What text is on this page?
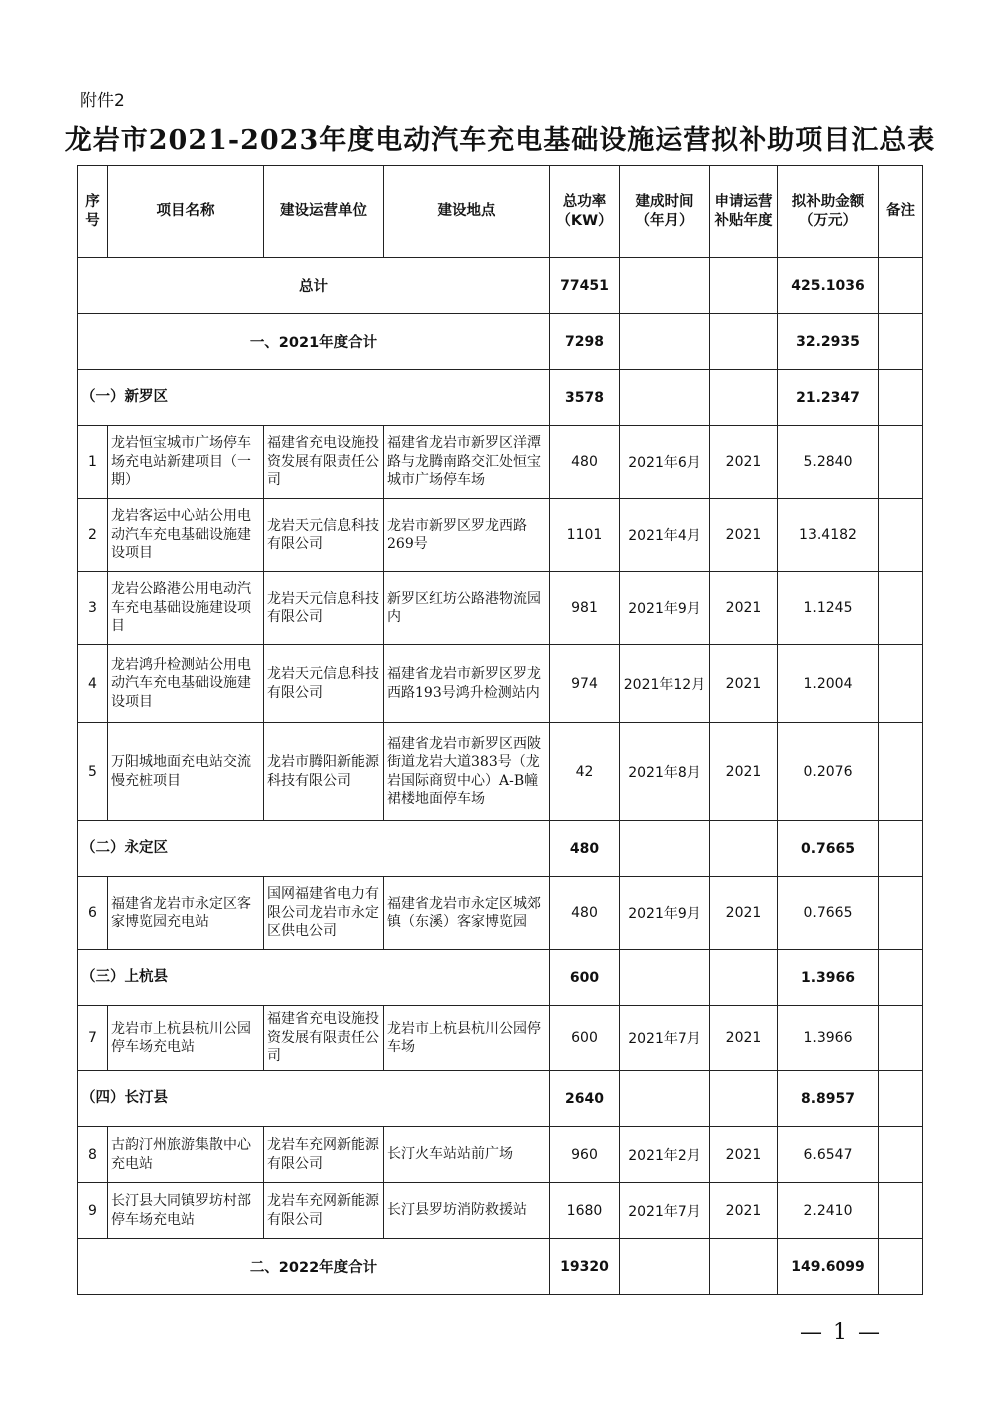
附件2
龙岩市2021-2023年度电动汽车充电基础设施运营拟补助项目汇总表
序号	项目名称	建设运营单位	建设地点	总功率（KW）	建成时间（年月）	申请运营补贴年度	拟补助金额（万元）	备注
总计				77451			425.1036	
一、2021年度合计				7298			32.2935	
（一）新罗区				3578			21.2347	
1	龙岩恒宝城市广场停车场充电站新建项目（一期）	福建省充电设施投资发展有限责任公司	福建省龙岩市新罗区洋潭路与龙腾南路交汇处恒宝城市广场停车场	480	2021年6月	2021	5.2840	
2	龙岩客运中心站公用电动汽车充电基础设施建设项目	龙岩天元信息科技有限公司	龙岩市新罗区罗龙西路269号	1101	2021年4月	2021	13.4182	
3	龙岩公路港公用电动汽车充电基础设施建设项目	龙岩天元信息科技有限公司	新罗区红坊公路港物流园内	981	2021年9月	2021	1.1245	
4	龙岩鸿升检测站公用电动汽车充电基础设施建设项目	龙岩天元信息科技有限公司	福建省龙岩市新罗区罗龙西路193号鸿升检测站内	974	2021年12月	2021	1.2004	
5	万阳城地面充电站交流慢充桩项目	龙岩市腾阳新能源科技有限公司	福建省龙岩市新罗区西陂街道龙岩大道383号（龙岩国际商贸中心）A-B幢裙楼地面停车场	42	2021年8月	2021	0.2076	
（二）永定区				480			0.7665	
6	福建省龙岩市永定区客家博览园充电站	国网福建省电力有限公司龙岩市永定区供电公司	福建省龙岩市永定区城郊镇（东溪）客家博览园	480	2021年9月	2021	0.7665	
（三）上杭县				600			1.3966	
7	龙岩市上杭县杭川公园停车场充电站	福建省充电设施投资发展有限责任公司	龙岩市上杭县杭川公园停车场	600	2021年7月	2021	1.3966	
（四）长汀县				2640			8.8957	
8	古韵汀州旅游集散中心充电站	龙岩车充网新能源有限公司	长汀火车站站前广场	960	2021年2月	2021	6.6547	
9	长汀县大同镇罗坊村部停车场充电站	龙岩车充网新能源有限公司	长汀县罗坊消防救援站	1680	2021年7月	2021	2.2410	
二、2022年度合计				19320			149.6099	
— 1 —
